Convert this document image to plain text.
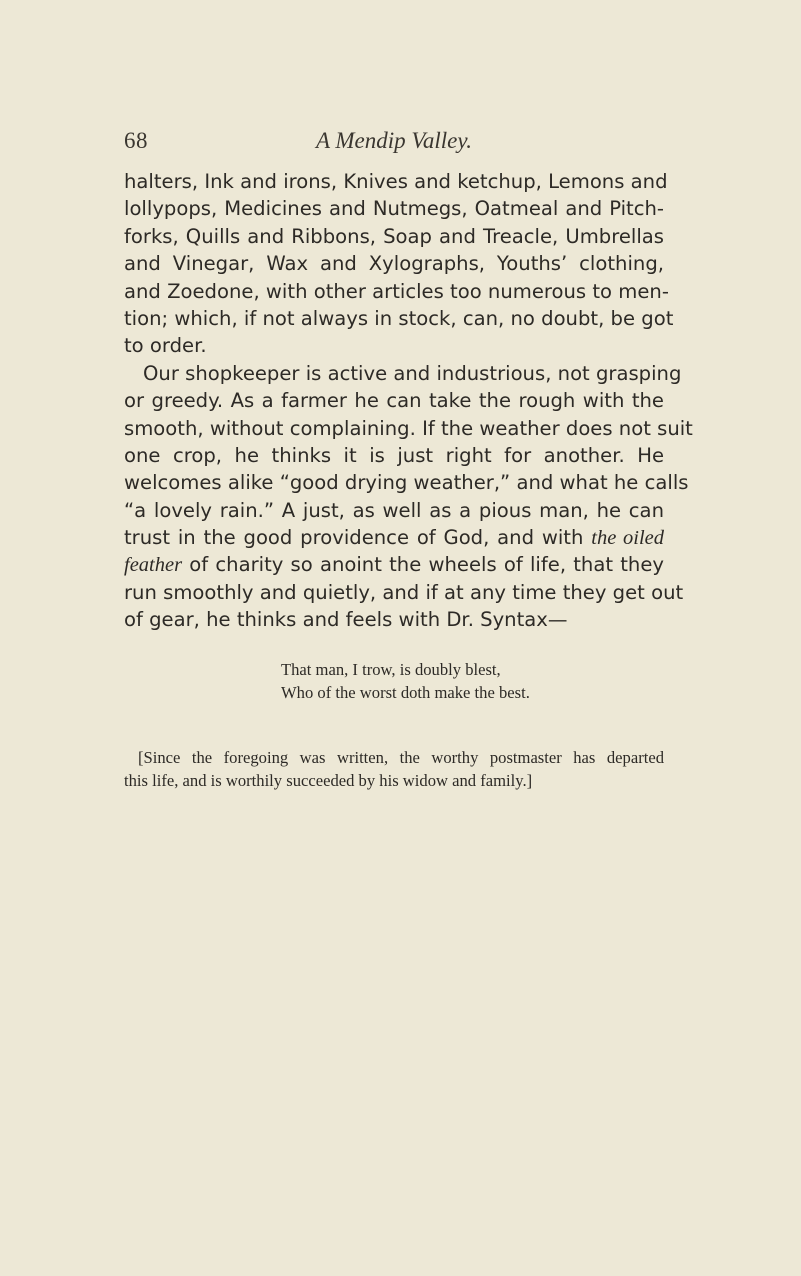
68	A Mendip Valley.
halters, Ink and irons, Knives and ketchup, Lemons and
lollypops, Medicines and Nutmegs, Oatmeal and Pitch-
forks, Quills and Ribbons, Soap and Treacle, Umbrellas
and Vinegar, Wax and Xylographs, Youths’ clothing,
and Zoedone, with other articles too numerous to men-
tion; which, if not always in stock, can, no doubt, be got
to order.
Our shopkeeper is active and industrious, not grasping
or greedy. As a farmer he can take the rough with the
smooth, without complaining. If the weather does not suit
one crop, he thinks it is just right for another. He
welcomes alike “good drying weather,” and what he calls
“a lovely rain.” A just, as well as a pious man, he can
trust in the good providence of God, and with the oiled
feather of charity so anoint the wheels of life, that they
run smoothly and quietly, and if at any time they get out
of gear, he thinks and feels with Dr. Syntax—
That man, I trow, is doubly blest,
Who of the worst doth make the best.
[Since the foregoing was written, the worthy postmaster has departed
this life, and is worthily succeeded by his widow and family.]
